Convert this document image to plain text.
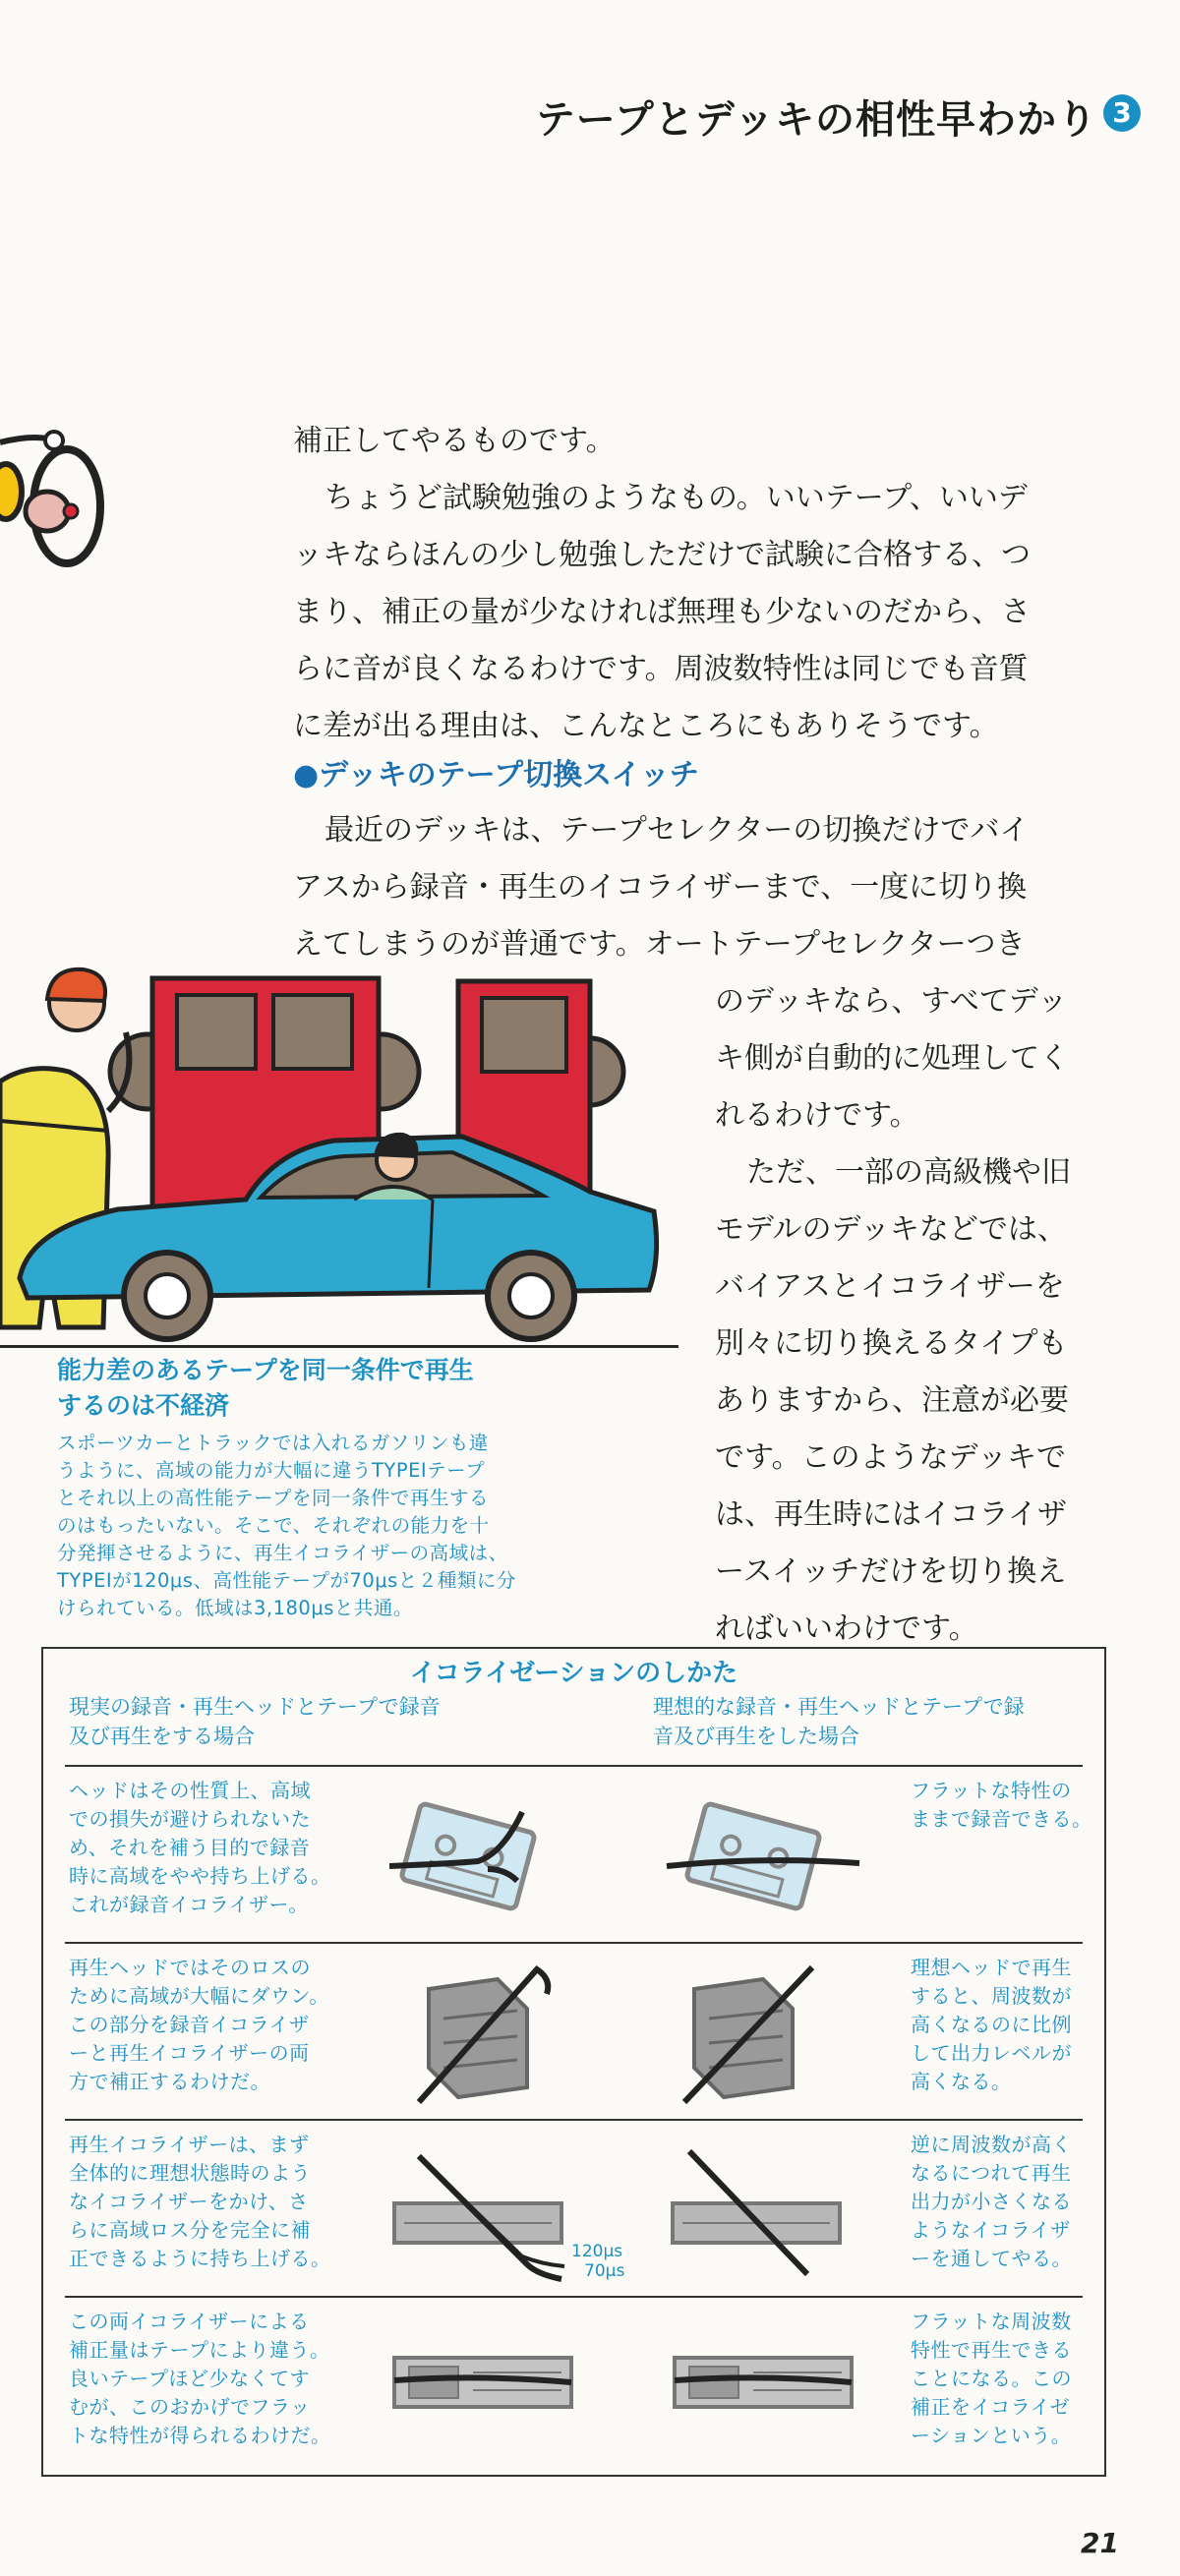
テープとデッキの相性早わかり 3
補正してやるものです。
ちょうど試験勉強のようなもの。いいテープ、いいデ
ッキならほんの少し勉強しただけで試験に合格する、つ
まり、補正の量が少なければ無理も少ないのだから、さ
らに音が良くなるわけです。周波数特性は同じでも音質
に差が出る理由は、こんなところにもありそうです。
●デッキのテープ切換スイッチ
最近のデッキは、テープセレクターの切換だけでバイ
アスから録音・再生のイコライザーまで、一度に切り換
えてしまうのが普通です。オートテープセレクターつき
のデッキなら、すべてデッ
キ側が自動的に処理してく
れるわけです。
ただ、一部の高級機や旧
モデルのデッキなどでは、
バイアスとイコライザーを
別々に切り換えるタイプも
ありますから、注意が必要
です。このようなデッキで
は、再生時にはイコライザ
ースイッチだけを切り換え
ればいいわけです。
能力差のあるテープを同一条件で再生
するのは不経済
スポーツカーとトラックでは入れるガソリンも違
うように、高域の能力が大幅に違うTYPEⅠテープ
とそれ以上の高性能テープを同一条件で再生する
のはもったいない。そこで、それぞれの能力を十
分発揮させるように、再生イコライザーの高域は、
TYPEⅠが120μs、高性能テープが70μsと２種類に分
けられている。低域は3,180μsと共通。
イコライゼーションのしかた
現実の録音・再生ヘッドとテープで録音
及び再生をする場合
理想的な録音・再生ヘッドとテープで録
音及び再生をした場合
ヘッドはその性質上、高域
での損失が避けられないた
め、それを補う目的で録音
時に高域をやや持ち上げる。
これが録音イコライザー。
フラットな特性の
ままで録音できる。
再生ヘッドではそのロスの
ために高域が大幅にダウン。
この部分を録音イコライザ
ーと再生イコライザーの両
方で補正するわけだ。
理想ヘッドで再生
すると、周波数が
高くなるのに比例
して出力レベルが
高くなる。
再生イコライザーは、まず
全体的に理想状態時のよう
なイコライザーをかけ、さ
らに高域ロス分を完全に補
正できるように持ち上げる。	120μs
70μs
逆に周波数が高く
なるにつれて再生
出力が小さくなる
ようなイコライザ
ーを通してやる。
この両イコライザーによる
補正量はテープにより違う。
良いテープほど少なくてす
むが、このおかげでフラッ
トな特性が得られるわけだ。
フラットな周波数
特性で再生できる
ことになる。この
補正をイコライゼ
ーションという。
21
